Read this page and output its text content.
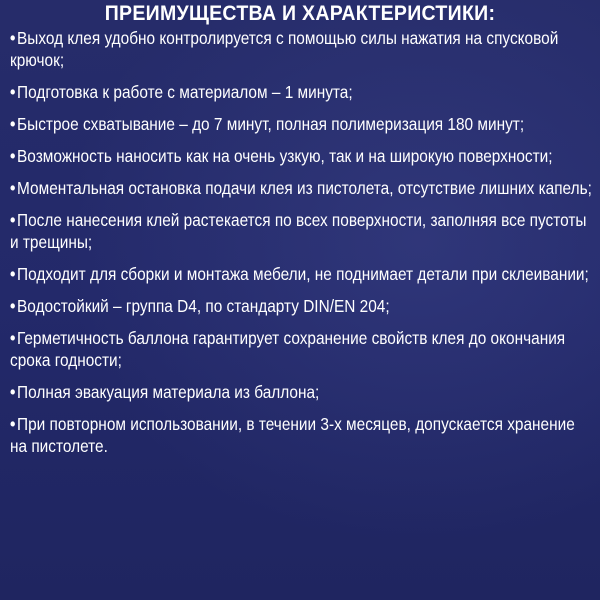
ПРЕИМУЩЕСТВА И ХАРАКТЕРИСТИКИ:
•Выход клея удобно контролируется с помощью силы нажатия на спусковой крючок;
•Подготовка к работе с материалом – 1 минута;
•Быстрое схватывание – до 7 минут, полная полимеризация 180 минут;
•Возможность наносить как на очень узкую, так и на широкую поверхности;
•Моментальная остановка подачи клея из пистолета, отсутствие лишних капель;
•После нанесения клей растекается по всех поверхности, заполняя все пустоты и трещины;
•Подходит для сборки и монтажа мебели, не поднимает детали при склеивании;
•Водостойкий – группа D4, по стандарту DIN/EN 204;
•Герметичность баллона гарантирует сохранение свойств клея до окончания срока годности;
•Полная эвакуация материала из баллона;
•При повторном использовании, в течении 3-х месяцев, допускается хранение на пистолете.
